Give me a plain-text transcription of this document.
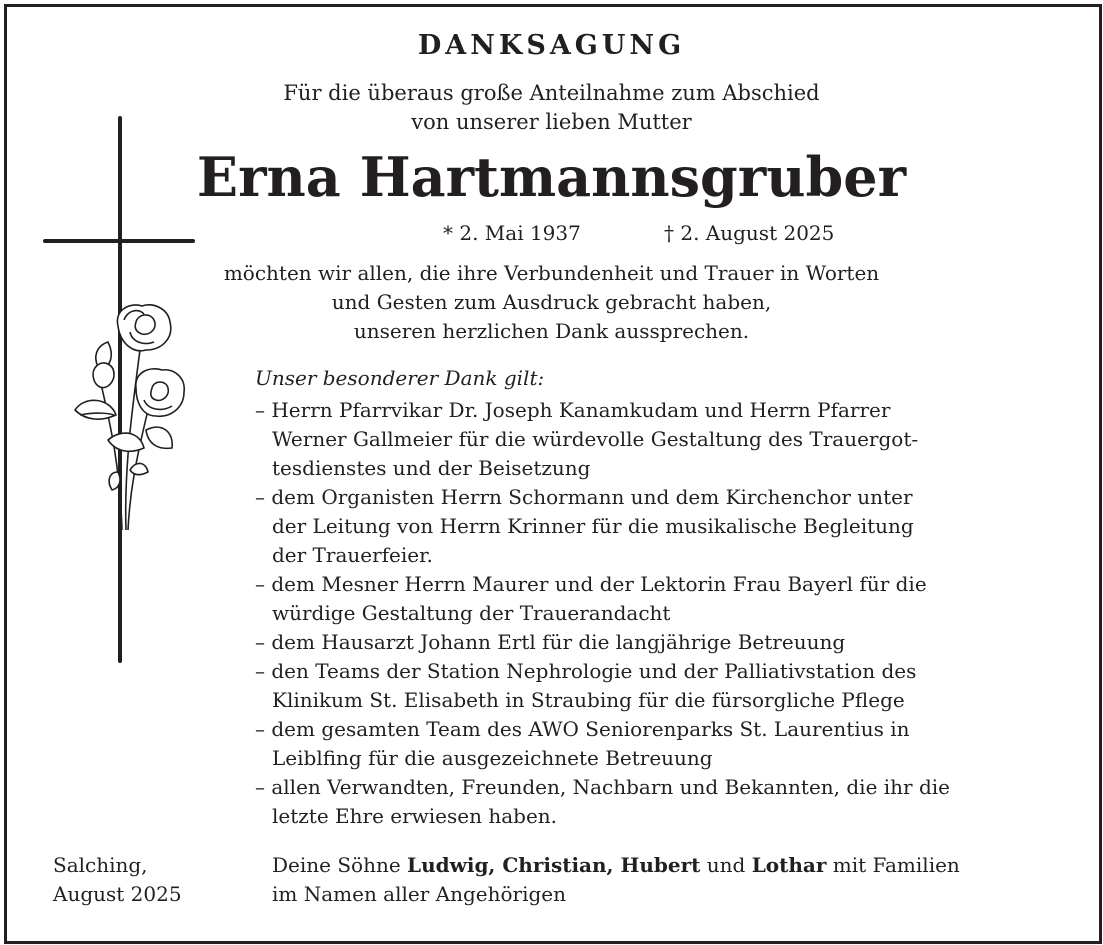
DANKSAGUNG
Für die überaus große Anteilnahme zum Abschied
von unserer lieben Mutter
Erna Hartmannsgruber
* 2. Mai 1937	† 2. August 2025
möchten wir allen, die ihre Verbundenheit und Trauer in Worten
und Gesten zum Ausdruck gebracht haben,
unseren herzlichen Dank aussprechen.
Unser besonderer Dank gilt:
– Herrn Pfarrvikar Dr. Joseph Kanamkudam und Herrn Pfarrer
Werner Gallmeier für die würdevolle Gestaltung des Trauergot-
tesdienstes und der Beisetzung
– dem Organisten Herrn Schormann und dem Kirchenchor unter
der Leitung von Herrn Krinner für die musikalische Begleitung
der Trauerfeier.
– dem Mesner Herrn Maurer und der Lektorin Frau Bayerl für die
würdige Gestaltung der Trauerandacht
– dem Hausarzt Johann Ertl für die langjährige Betreuung
– den Teams der Station Nephrologie und der Palliativstation des
Klinikum St. Elisabeth in Straubing für die fürsorgliche Pflege
– dem gesamten Team des AWO Seniorenparks St. Laurentius in
Leiblfing für die ausgezeichnete Betreuung
– allen Verwandten, Freunden, Nachbarn und Bekannten, die ihr die
letzte Ehre erwiesen haben.
Salching,
August 2025
Deine Söhne Ludwig, Christian, Hubert und Lothar mit Familien
im Namen aller Angehörigen
